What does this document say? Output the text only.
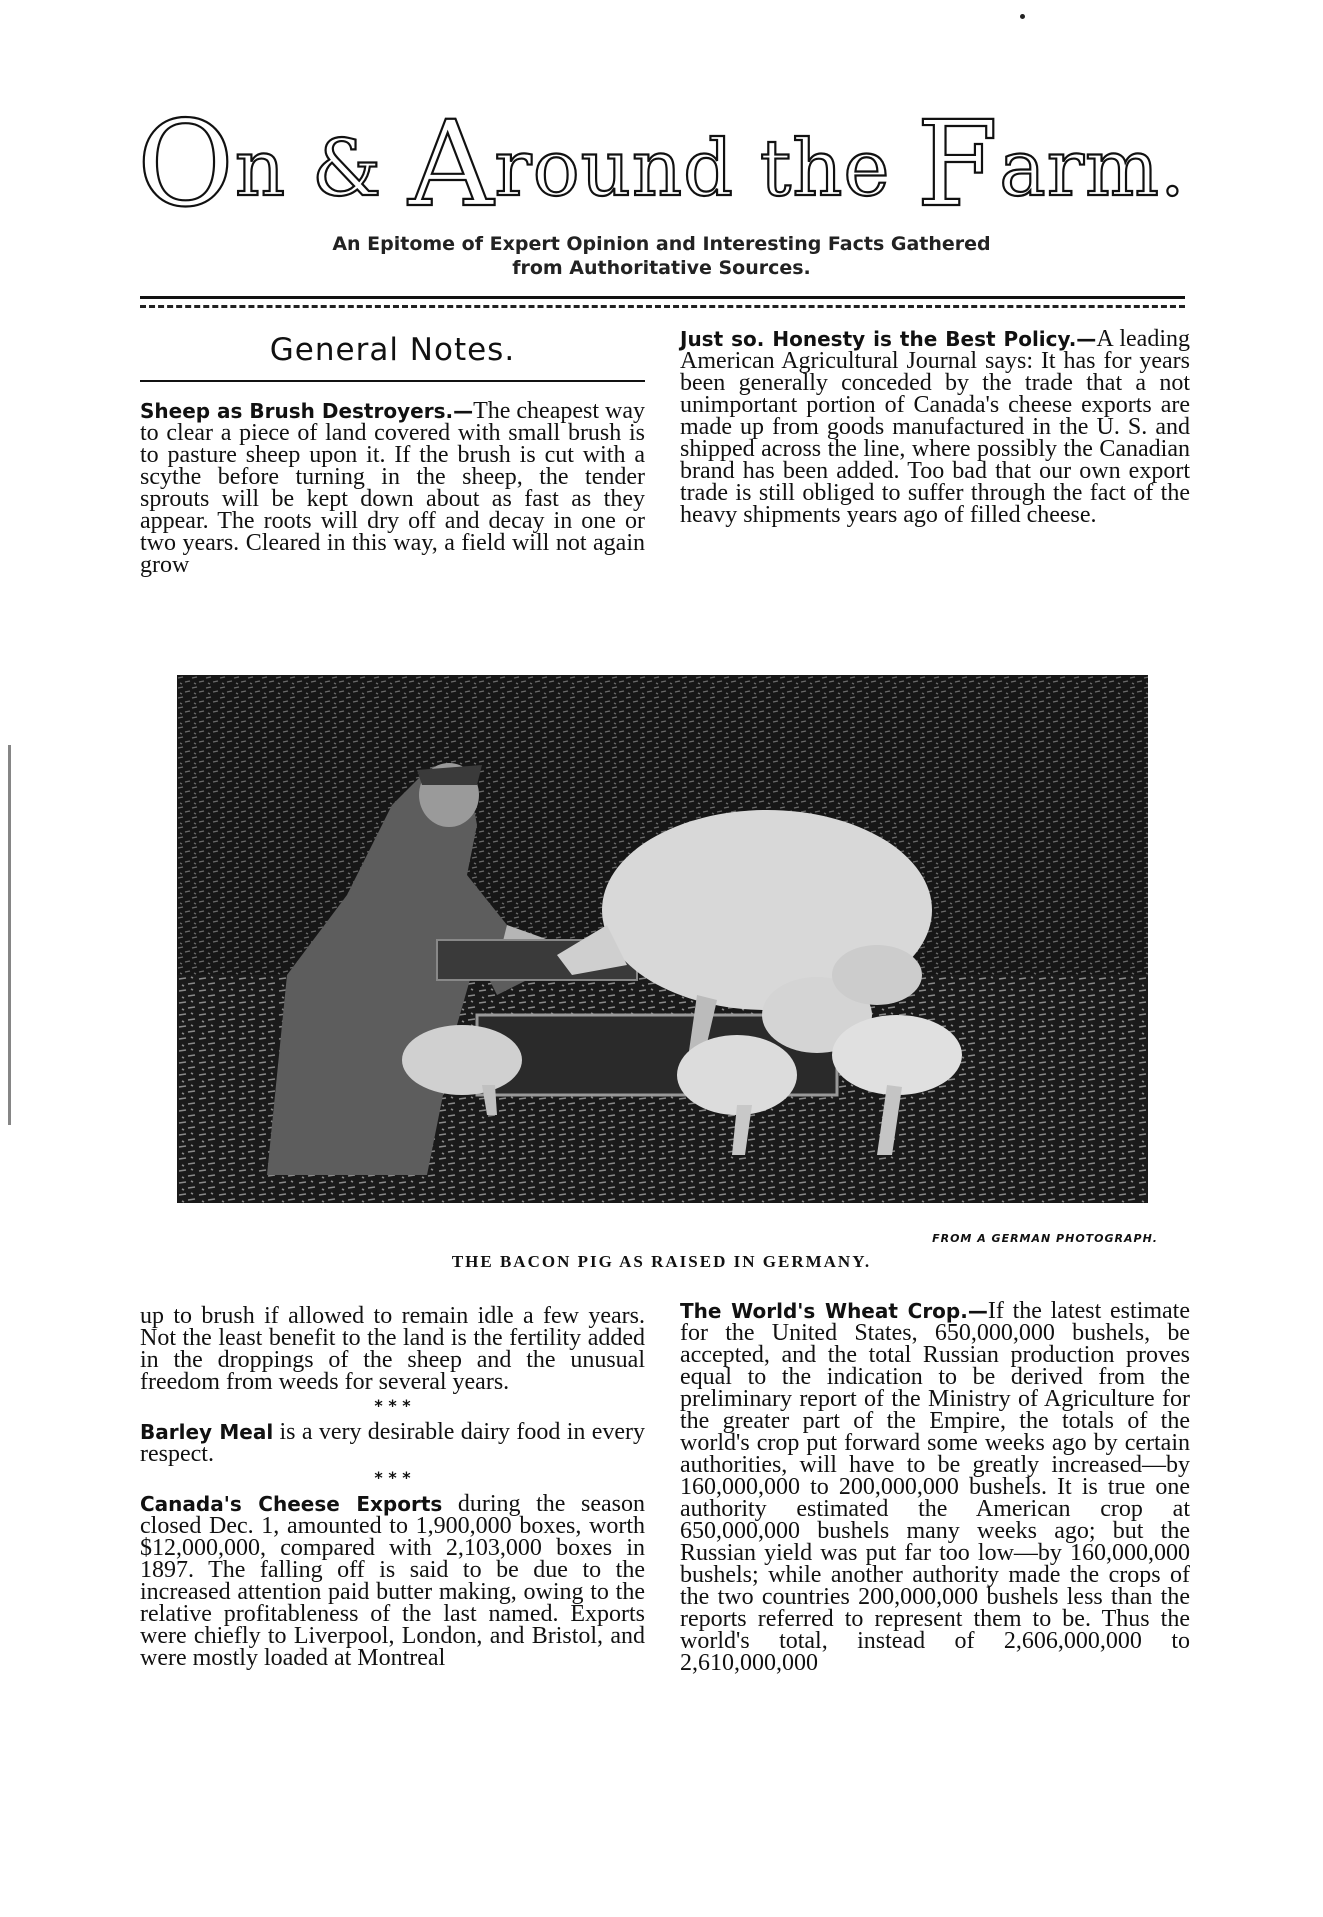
On & Around the Farm.
An Epitome of Expert Opinion and Interesting Facts Gathered
from Authoritative Sources.
General Notes.

Sheep as Brush Destroyers.—The cheapest way to clear a piece of land covered with small brush is to pasture sheep upon it. If the brush is cut with a scythe before turning in the sheep, the tender sprouts will be kept down about as fast as they appear. The roots will dry off and decay in one or two years. Cleared in this way, a field will not again grow

Just so. Honesty is the Best Policy.—A leading American Agricultural Journal says: It has for years been generally conceded by the trade that a not unimportant portion of Canada's cheese exports are made up from goods manufactured in the U. S. and shipped across the line, where possibly the Canadian brand has been added. Too bad that our own export trade is still obliged to suffer through the fact of the heavy shipments years ago of filled cheese.

FROM A GERMAN PHOTOGRAPH.
THE BACON PIG AS RAISED IN GERMANY.

up to brush if allowed to remain idle a few years. Not the least benefit to the land is the fertility added in the droppings of the sheep and the unusual freedom from weeds for several years.

* * *

Barley Meal is a very desirable dairy food in every respect.

* * *

Canada's Cheese Exports during the season closed Dec. 1, amounted to 1,900,000 boxes, worth $12,000,000, compared with 2,103,000 boxes in 1897. The falling off is said to be due to the increased attention paid butter making, owing to the relative profitableness of the last named. Exports were chiefly to Liverpool, London, and Bristol, and were mostly loaded at Montreal

The World's Wheat Crop.—If the latest estimate for the United States, 650,000,000 bushels, be accepted, and the total Russian production proves equal to the indication to be derived from the preliminary report of the Ministry of Agriculture for the greater part of the Empire, the totals of the world's crop put forward some weeks ago by certain authorities, will have to be greatly increased—by 160,000,000 to 200,000,000 bushels. It is true one authority estimated the American crop at 650,000,000 bushels many weeks ago; but the Russian yield was put far too low—by 160,000,000 bushels; while another authority made the crops of the two countries 200,000,000 bushels less than the reports referred to represent them to be. Thus the world's total, instead of 2,606,000,000 to 2,610,000,000
